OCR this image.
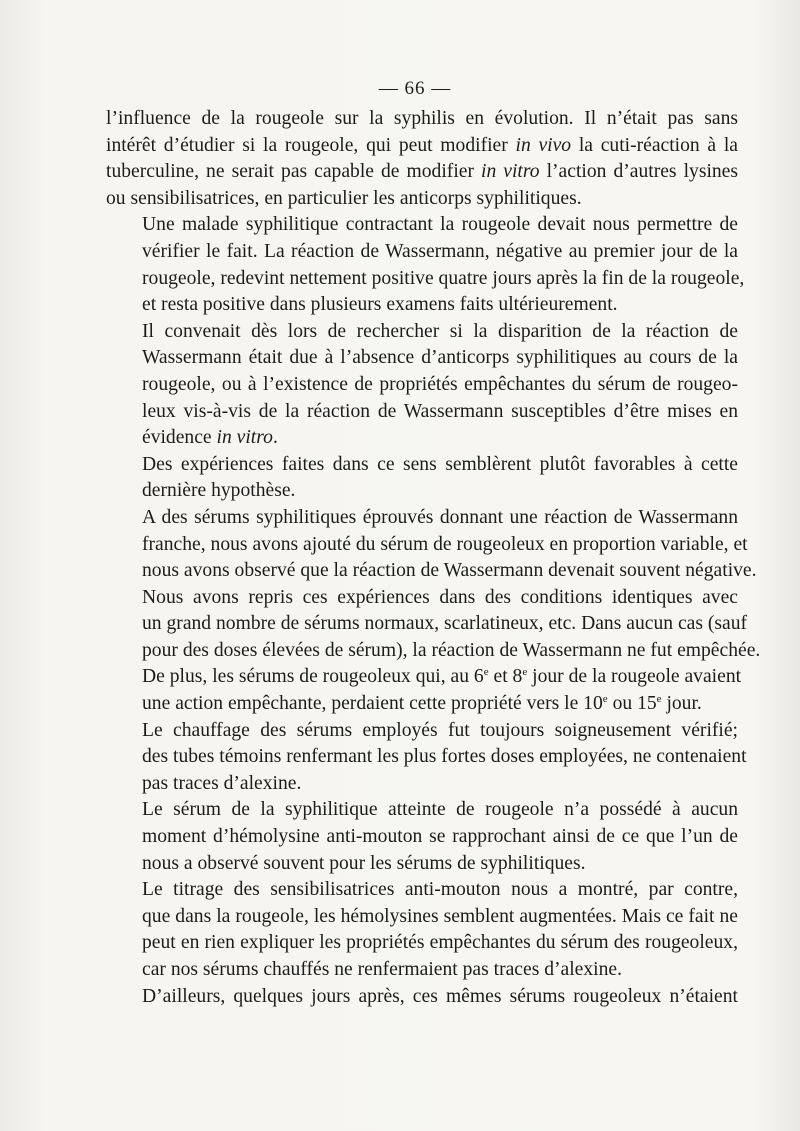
— 66 —
l’influence de la rougeole sur la syphilis en évolution. Il n’était pas sans
intérêt d’étudier si la rougeole, qui peut modifier in vivo la cuti-réaction à la
tuberculine, ne serait pas capable de modifier in vitro l’action d’autres lysines
ou sensibilisatrices, en particulier les anticorps syphilitiques.
Une malade syphilitique contractant la rougeole devait nous permettre de
vérifier le fait. La réaction de Wassermann, négative au premier jour de la
rougeole, redevint nettement positive quatre jours après la fin de la rougeole,
et resta positive dans plusieurs examens faits ultérieurement.
Il convenait dès lors de rechercher si la disparition de la réaction de
Wassermann était due à l’absence d’anticorps syphilitiques au cours de la
rougeole, ou à l’existence de propriétés empêchantes du sérum de rougeo-
leux vis-à-vis de la réaction de Wassermann susceptibles d’être mises en
évidence in vitro.
Des expériences faites dans ce sens semblèrent plutôt favorables à cette
dernière hypothèse.
A des sérums syphilitiques éprouvés donnant une réaction de Wassermann
franche, nous avons ajouté du sérum de rougeoleux en proportion variable, et
nous avons observé que la réaction de Wassermann devenait souvent négative.
Nous avons repris ces expériences dans des conditions identiques avec
un grand nombre de sérums normaux, scarlatineux, etc. Dans aucun cas (sauf
pour des doses élevées de sérum), la réaction de Wassermann ne fut empêchée.
De plus, les sérums de rougeoleux qui, au 6e et 8e jour de la rougeole avaient
une action empêchante, perdaient cette propriété vers le 10e ou 15e jour.
Le chauffage des sérums employés fut toujours soigneusement vérifié;
des tubes témoins renfermant les plus fortes doses employées, ne contenaient
pas traces d’alexine.
Le sérum de la syphilitique atteinte de rougeole n’a possédé à aucun
moment d’hémolysine anti-mouton se rapprochant ainsi de ce que l’un de
nous a observé souvent pour les sérums de syphilitiques.
Le titrage des sensibilisatrices anti-mouton nous a montré, par contre,
que dans la rougeole, les hémolysines semblent augmentées. Mais ce fait ne
peut en rien expliquer les propriétés empêchantes du sérum des rougeoleux,
car nos sérums chauffés ne renfermaient pas traces d’alexine.
D’ailleurs, quelques jours après, ces mêmes sérums rougeoleux n’étaient
